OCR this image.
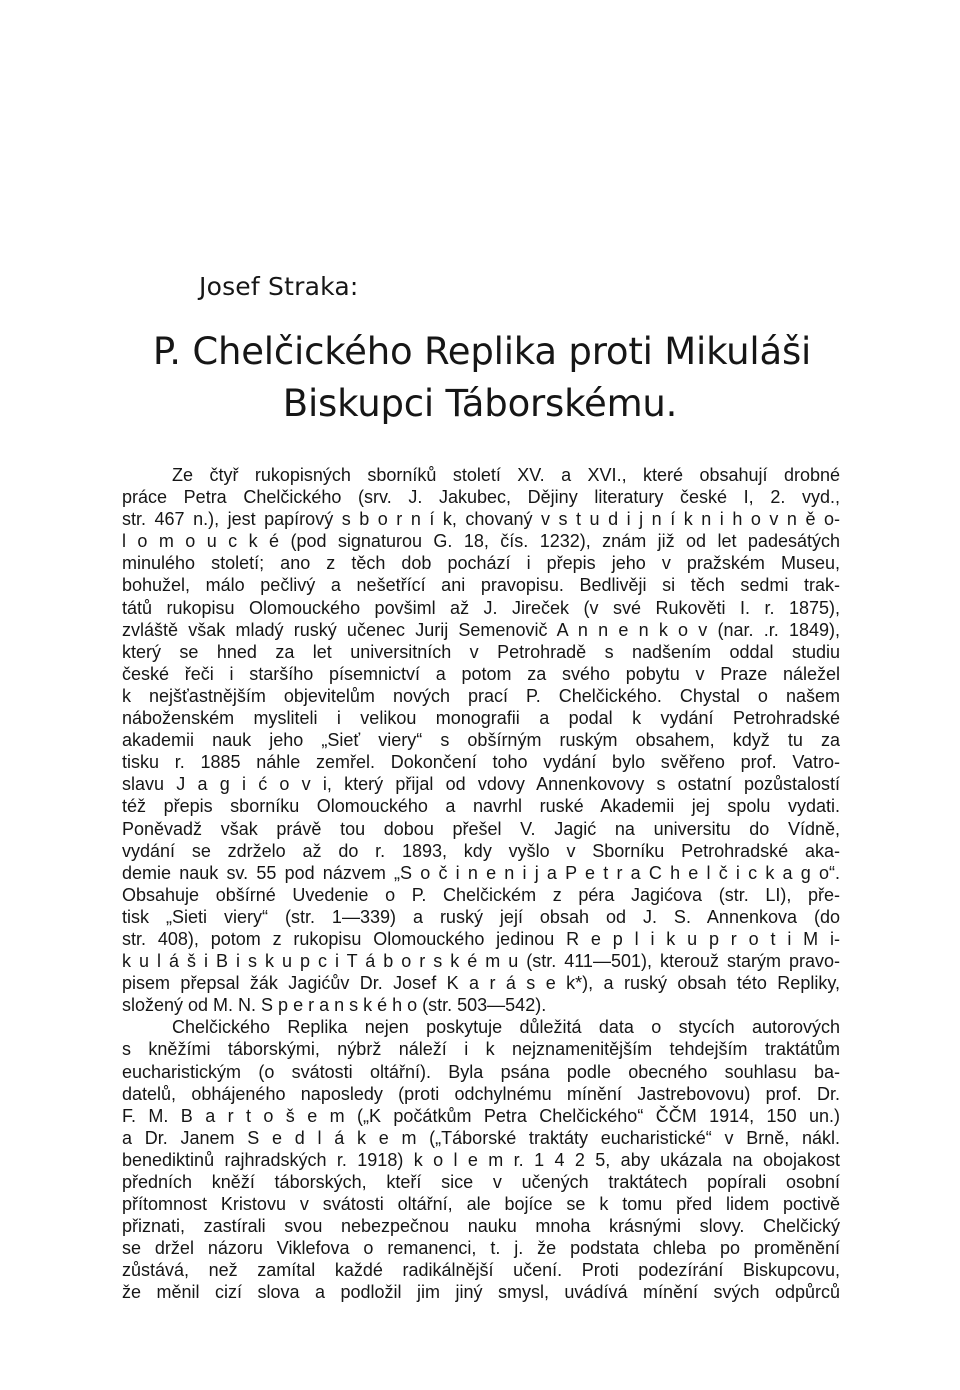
Josef Straka:
P. Chelčického Replika proti Mikuláši
Biskupci Táborskému.
Ze čtyř rukopisných sborníků století XV. a XVI., které obsahují drobné
práce Petra Chelčického (srv. J. Jakubec, Dějiny literatury české I, 2. vyd.,
str. 467 n.), jest papírový s b o r n í k, chovaný v s t u d i j n í k n i h o v n ě o-
l o m o u c k é (pod signaturou G. 18, čís. 1232), znám již od let padesátých
minulého století; ano z těch dob pochází i přepis jeho v pražském Museu,
bohužel, málo pečlivý a nešetřící ani pravopisu. Bedlivěji si těch sedmi trak-
tátů rukopisu Olomouckého povšiml až J. Jireček (v své Rukověti I. r. 1875),
zvláště však mladý ruský učenec Jurij Semenovič A n n e n k o v (nar. .r. 1849),
který se hned za let universitních v Petrohradě s nadšením oddal studiu
české řeči i staršího písemnictví a potom za svého pobytu v Praze náležel
k nejšťastnějším objevitelům nových prací P. Chelčického. Chystal o našem
náboženském mysliteli i velikou monografii a podal k vydání Petrohradské
akademii nauk jeho „Sieť viery“ s obšírným ruským obsahem, když tu za
tisku r. 1885 náhle zemřel. Dokončení toho vydání bylo svěřeno prof. Vatro-
slavu J a g i ć o v i, který přijal od vdovy Annenkovovy s ostatní pozůstalostí
též přepis sborníku Olomouckého a navrhl ruské Akademii jej spolu vydati.
Poněvadž však právě tou dobou přešel V. Jagić na universitu do Vídně,
vydání se zdrželo až do r. 1893, kdy vyšlo v Sborníku Petrohradské aka-
demie nauk sv. 55 pod názvem „S o č i n e n i j a P e t r a C h e l č i c k a g o“.
Obsahuje obšírné Uvedenie o P. Chelčickém z péra Jagićova (str. LI), pře-
tisk „Sieti viery“ (str. 1—339) a ruský její obsah od J. S. Annenkova (do
str. 408), potom z rukopisu Olomouckého jedinou R e p l i k u p r o t i M i-
k u l á š i B i s k u p c i T á b o r s k é m u (str. 411—501), kterouž starým pravo-
pisem přepsal žák Jagićův Dr. Josef K a r á s e k*), a ruský obsah této Repliky,
složený od M. N. S p e r a n s k é h o (str. 503—542).
Chelčického Replika nejen poskytuje důležitá data o stycích autorových
s kněžími táborskými, nýbrž náleží i k nejznamenitějším tehdejším traktátům
eucharistickým (o svátosti oltářní). Byla psána podle obecného souhlasu ba-
datelů, obhájeného naposledy (proti odchylnému mínění Jastrebovovu) prof. Dr.
F. M. B a r t o š e m („K počátkům Petra Chelčického“ ČČM 1914, 150 un.)
a Dr. Janem S e d l á k e m („Táborské traktáty eucharistické“ v Brně, nákl.
benediktinů rajhradských r. 1918) k o l e m r. 1 4 2 5, aby ukázala na obojakost
předních kněží táborských, kteří sice v učených traktátech popírali osobní
přítomnost Kristovu v svátosti oltářní, ale bojíce se k tomu před lidem poctivě
přiznati, zastírali svou nebezpečnou nauku mnoha krásnými slovy. Chelčický
se držel názoru Viklefova o remanenci, t. j. že podstata chleba po proměnění
zůstává, než zamítal každé radikálnější učení. Proti podezírání Biskupcovu,
že měnil cizí slova a podložil jim jiný smysl, uvádívá mínění svých odpůrců
